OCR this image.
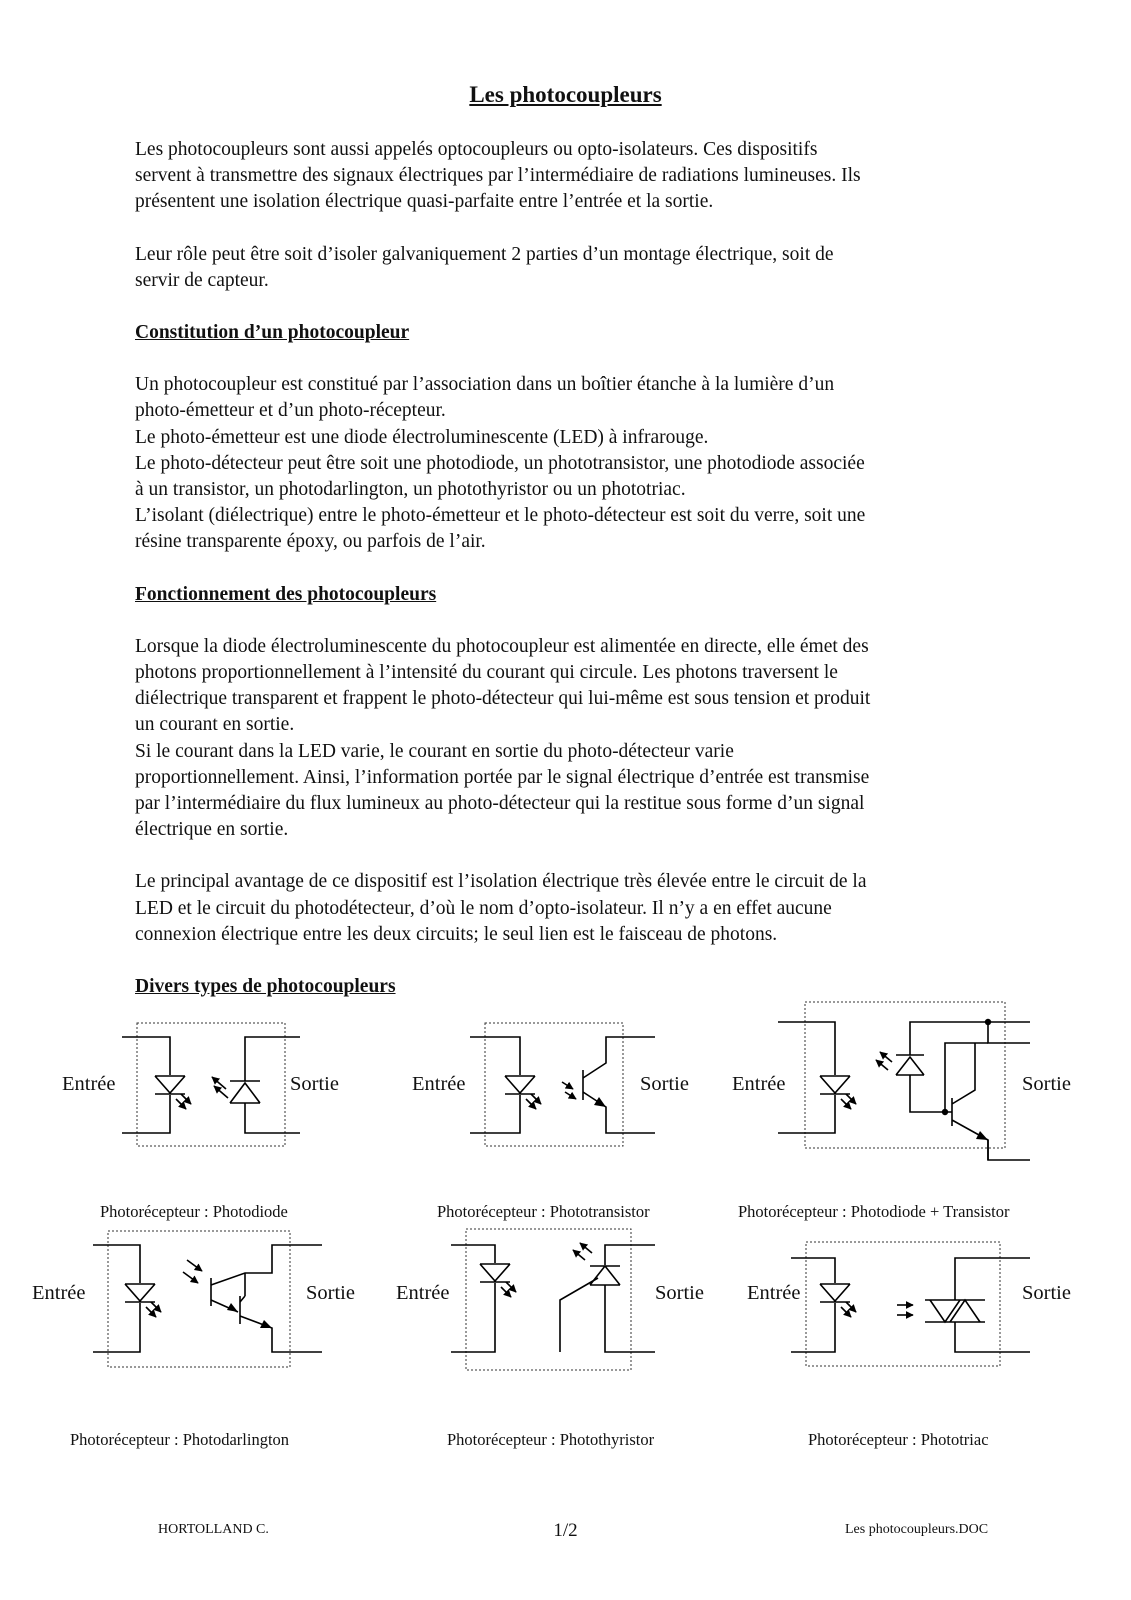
Les photocoupleurs

Les photocoupleurs sont aussi appelés optocoupleurs ou opto-isolateurs. Ces dispositifs
servent à transmettre des signaux électriques par l’intermédiaire de radiations lumineuses. Ils
présentent une isolation électrique quasi-parfaite entre l’entrée et la sortie.

Leur rôle peut être soit d’isoler galvaniquement 2 parties d’un montage électrique, soit de
servir de capteur.

Constitution d’un photocoupleur

Un photocoupleur est constitué par l’association dans un boîtier étanche à la lumière d’un
photo-émetteur et d’un photo-récepteur.
Le photo-émetteur est une diode électroluminescente (LED) à infrarouge.
Le photo-détecteur peut être soit une photodiode, un phototransistor, une photodiode associée
à un transistor, un photodarlington, un photothyristor ou un phototriac.
L’isolant (diélectrique) entre le photo-émetteur et le photo-détecteur est soit du verre, soit une
résine transparente époxy, ou parfois de l’air.

Fonctionnement des photocoupleurs

Lorsque la diode électroluminescente du photocoupleur est alimentée en directe, elle émet des
photons proportionnellement à l’intensité du courant qui circule. Les photons traversent le
diélectrique transparent et frappent le photo-détecteur qui lui-même est sous tension et produit
un courant en sortie.
Si le courant dans la LED varie, le courant en sortie du photo-détecteur varie
proportionnellement. Ainsi, l’information portée par le signal électrique d’entrée est transmise
par l’intermédiaire du flux lumineux au photo-détecteur qui la restitue sous forme d’un signal
électrique en sortie.

Le principal avantage de ce dispositif est l’isolation électrique très élevée entre le circuit de la
LED et le circuit du photodétecteur, d’où le nom d’opto-isolateur. Il n’y a en effet aucune
connexion électrique entre les deux circuits; le seul lien est le faisceau de photons.

Divers types de photocoupleurs
Entrée	Sortie	Entrée	Sortie Entrée	Sortie
Entrée	Sortie Entrée	Sortie Entrée	Sortie
Photorécepteur : Photodiode	Photorécepteur : Phototransistor	Photorécepteur : Photodiode + Transistor
Photorécepteur : Photodarlington	Photorécepteur : Photothyristor	Photorécepteur : Phototriac
HORTOLLAND C.	1/2	Les photocoupleurs.DOC
